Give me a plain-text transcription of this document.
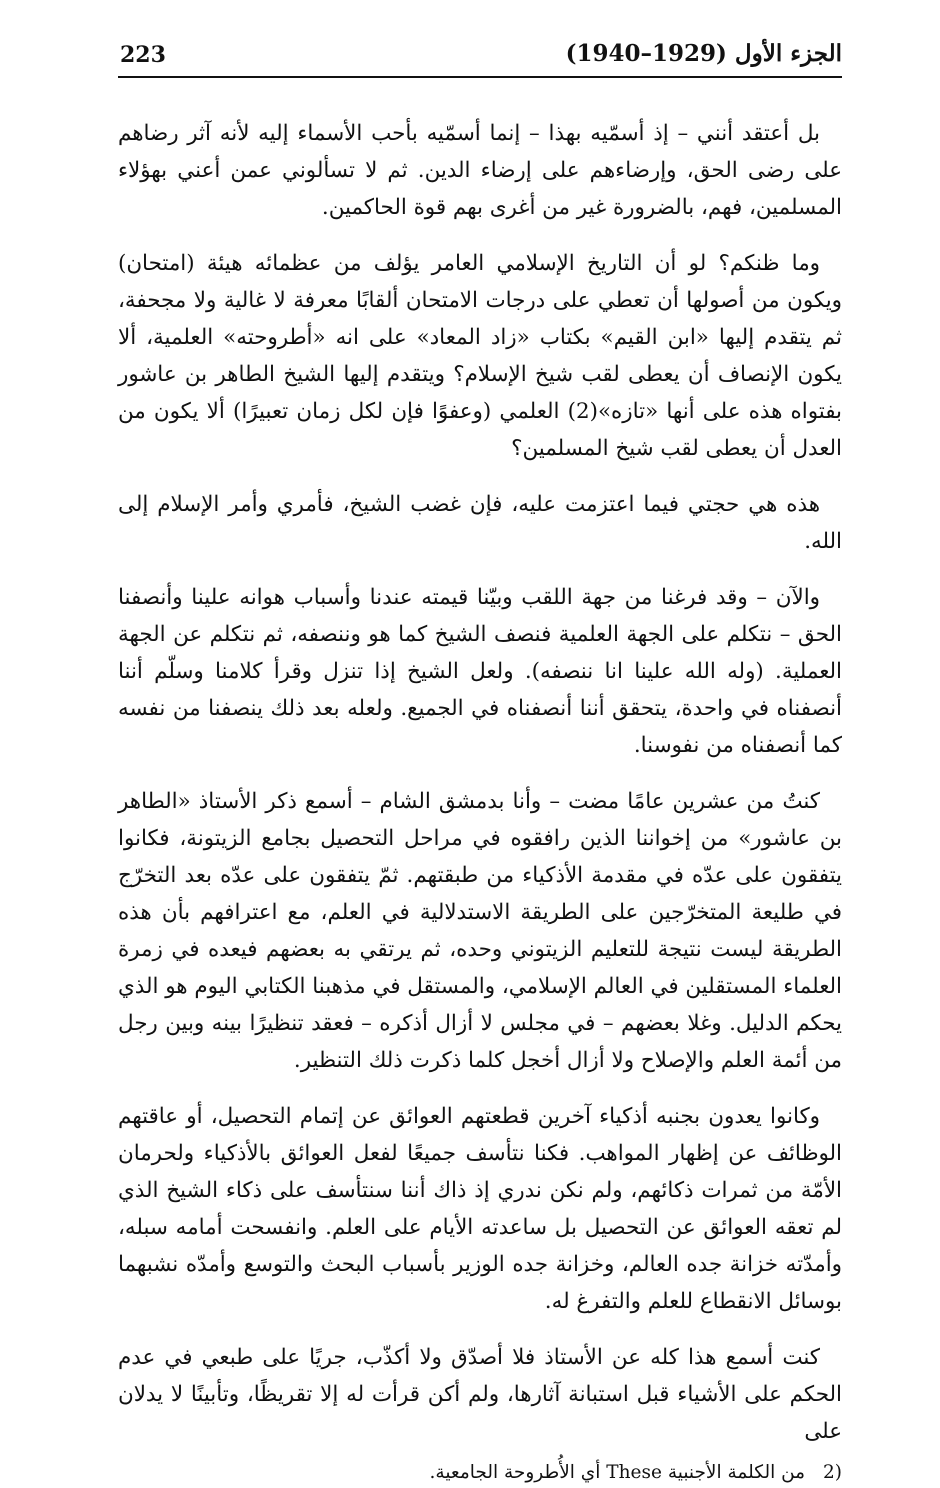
223	الجزء الأول (1929–1940)

بل أعتقد أنني – إذ أسمّيه بهذا – إنما أسمّيه بأحب الأسماء إليه لأنه آثر رضاهم على رضى الحق، وإرضاءهم على إرضاء الدين. ثم لا تسألوني عمن أعني بهؤلاء المسلمين، فهم، بالضرورة غير من أغرى بهم قوة الحاكمين.

وما ظنكم؟ لو أن التاريخ الإسلامي العامر يؤلف من عظمائه هيئة (امتحان) ويكون من أصولها أن تعطي على درجات الامتحان ألقابًا معرفة لا غالية ولا مجحفة، ثم يتقدم إليها «ابن القيم» بكتاب «زاد المعاد» على انه «أطروحته» العلمية، ألا يكون الإنصاف أن يعطى لقب شيخ الإسلام؟ ويتقدم إليها الشيخ الطاهر بن عاشور بفتواه هذه على أنها «تازه»(2) العلمي (وعفوًا فإن لكل زمان تعبيرًا) ألا يكون من العدل أن يعطى لقب شيخ المسلمين؟

هذه هي حجتي فيما اعتزمت عليه، فإن غضب الشيخ، فأمري وأمر الإسلام إلى الله.

والآن – وقد فرغنا من جهة اللقب وبيّنا قيمته عندنا وأسباب هوانه علينا وأنصفنا الحق – نتكلم على الجهة العلمية فنصف الشيخ كما هو وننصفه، ثم نتكلم عن الجهة العملية. (وله الله علينا انا ننصفه). ولعل الشيخ إذا تنزل وقرأ كلامنا وسلّم أننا أنصفناه في واحدة، يتحقق أننا أنصفناه في الجميع. ولعله بعد ذلك ينصفنا من نفسه كما أنصفناه من نفوسنا.

كنتُ من عشرين عامًا مضت – وأنا بدمشق الشام – أسمع ذكر الأستاذ «الطاهر بن عاشور» من إخواننا الذين رافقوه في مراحل التحصيل بجامع الزيتونة، فكانوا يتفقون على عدّه في مقدمة الأذكياء من طبقتهم. ثمّ يتفقون على عدّه بعد التخرّج في طليعة المتخرّجين على الطريقة الاستدلالية في العلم، مع اعترافهم بأن هذه الطريقة ليست نتيجة للتعليم الزيتوني وحده، ثم يرتقي به بعضهم فيعده في زمرة العلماء المستقلين في العالم الإسلامي، والمستقل في مذهبنا الكتابي اليوم هو الذي يحكم الدليل. وغلا بعضهم – في مجلس لا أزال أذكره – فعقد تنظيرًا بينه وبين رجل من أئمة العلم والإصلاح ولا أزال أخجل كلما ذكرت ذلك التنظير.

وكانوا يعدون بجنبه أذكياء آخرين قطعتهم العوائق عن إتمام التحصيل، أو عاقتهم الوظائف عن إظهار المواهب. فكنا نتأسف جميعًا لفعل العوائق بالأذكياء ولحرمان الأمّة من ثمرات ذكائهم، ولم نكن ندري إذ ذاك أننا سنتأسف على ذكاء الشيخ الذي لم تعقه العوائق عن التحصيل بل ساعدته الأيام على العلم. وانفسحت أمامه سبله، وأمدّته خزانة جده العالم، وخزانة جده الوزير بأسباب البحث والتوسع وأمدّه نشبهما بوسائل الانقطاع للعلم والتفرغ له.

كنت أسمع هذا كله عن الأستاذ فلا أصدّق ولا أكذّب، جريًا على طبعي في عدم الحكم على الأشياء قبل استبانة آثارها، ولم أكن قرأت له إلا تقريظًا، وتأبينًا لا يدلان على

2) من الكلمة الأجنبية These أي الأُطروحة الجامعية.
